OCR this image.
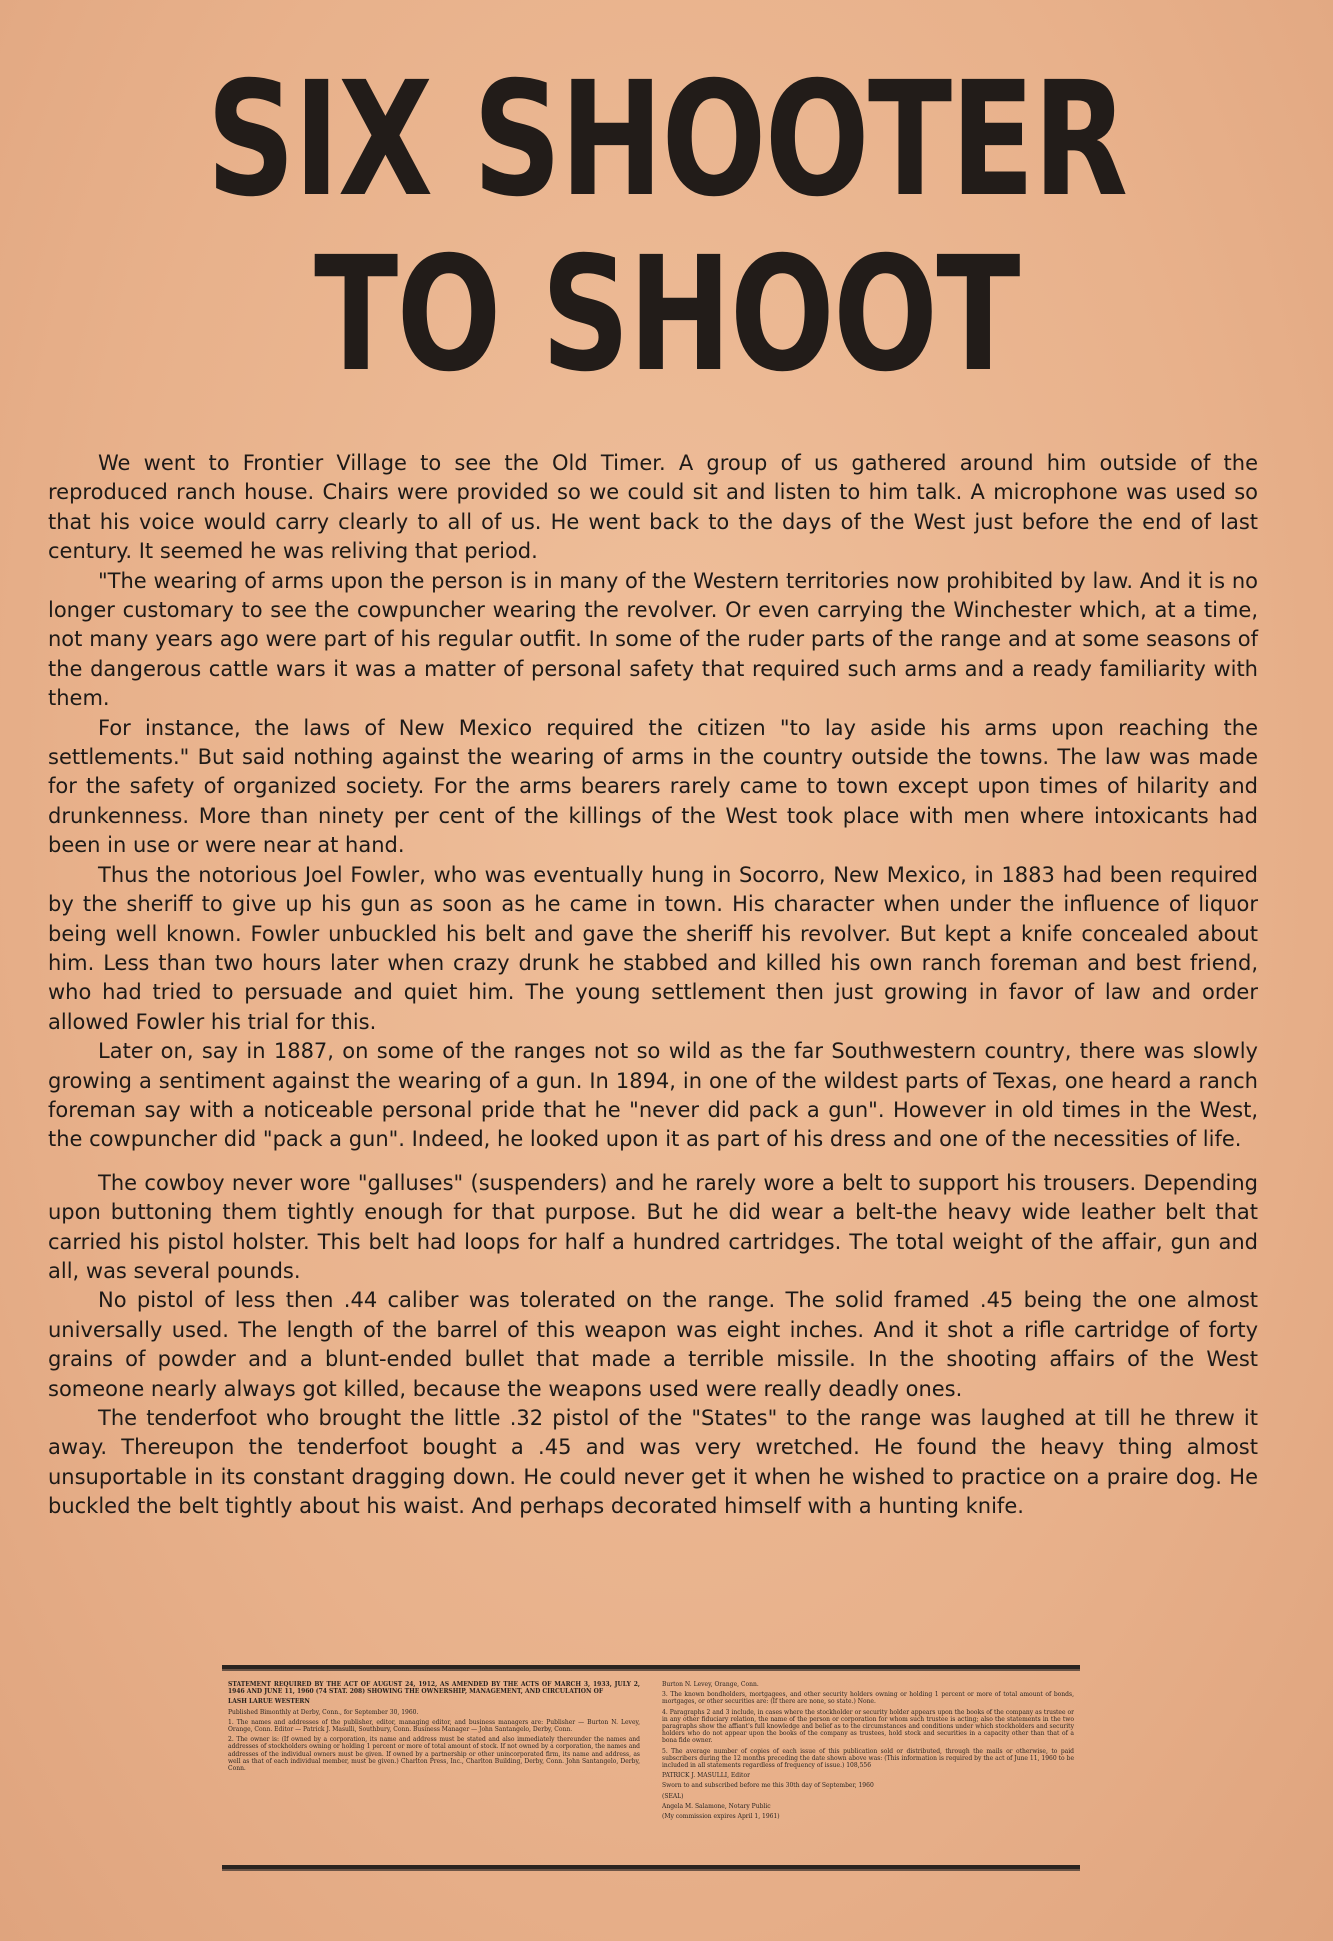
SIX SHOOTER
TO SHOOT

We went to Frontier Village to see the Old Timer. A group of us gathered around him outside of the reproduced ranch house. Chairs were provided so we could sit and listen to him talk. A microphone was used so that his voice would carry clearly to all of us. He went back to the days of the West just before the end of last century. It seemed he was reliving that period.

"The wearing of arms upon the person is in many of the Western territories now prohibited by law. And it is no longer customary to see the cowpuncher wearing the revolver. Or even carrying the Winchester which, at a time, not many years ago were part of his regular outfit. In some of the ruder parts of the range and at some seasons of the dangerous cattle wars it was a matter of personal safety that required such arms and a ready familiarity with them.

For instance, the laws of New Mexico required the citizen "to lay aside his arms upon reaching the settlements." But said nothing against the wearing of arms in the country outside the towns. The law was made for the safety of organized society. For the arms bearers rarely came to town except upon times of hilarity and drunkenness. More than ninety per cent of the killings of the West took place with men where intoxicants had been in use or were near at hand.

Thus the notorious Joel Fowler, who was eventually hung in Socorro, New Mexico, in 1883 had been required by the sheriff to give up his gun as soon as he came in town. His character when under the influence of liquor being well known. Fowler unbuckled his belt and gave the sheriff his revolver. But kept a knife concealed about him. Less than two hours later when crazy drunk he stabbed and killed his own ranch foreman and best friend, who had tried to persuade and quiet him. The young settlement then just growing in favor of law and order allowed Fowler his trial for this.

Later on, say in 1887, on some of the ranges not so wild as the far Southwestern country, there was slowly growing a sentiment against the wearing of a gun. In 1894, in one of the wildest parts of Texas, one heard a ranch foreman say with a noticeable personal pride that he "never did pack a gun". However in old times in the West, the cowpuncher did "pack a gun". Indeed, he looked upon it as part of his dress and one of the necessities of life.

The cowboy never wore "galluses" (suspenders) and he rarely wore a belt to support his trousers. Depending upon buttoning them tightly enough for that purpose. But he did wear a belt-the heavy wide leather belt that carried his pistol holster. This belt had loops for half a hundred cartridges. The total weight of the affair, gun and all, was several pounds.

No pistol of less then .44 caliber was tolerated on the range. The solid framed .45 being the one almost universally used. The length of the barrel of this weapon was eight inches. And it shot a rifle cartridge of forty grains of powder and a blunt-ended bullet that made a terrible missile. In the shooting affairs of the West someone nearly always got killed, because the weapons used were really deadly ones.

The tenderfoot who brought the little .32 pistol of the "States" to the range was laughed at till he threw it away. Thereupon the tenderfoot bought a .45 and was very wretched. He found the heavy thing almost unsuportable in its constant dragging down. He could never get it when he wished to practice on a praire dog. He buckled the belt tightly about his waist. And perhaps decorated himself with a hunting knife.

STATEMENT REQUIRED BY THE ACT OF AUGUST 24, 1912, AS AMENDED BY THE ACTS OF MARCH 3, 1933, JULY 2, 1946 AND JUNE 11, 1960 (74 STAT. 208) SHOWING THE OWNERSHIP, MANAGEMENT, AND CIRCULATION OF

LASH LARUE WESTERN

Published Bimonthly at Derby, Conn., for September 30, 1960.

1. The names and addresses of the publisher, editor, managing editor, and business managers are: Publisher — Burton N. Levey, Orange, Conn. Editor — Patrick J. Masulli, Southbury, Conn. Business Manager — John Santangelo, Derby, Conn.

2. The owner is: (If owned by a corporation, its name and address must be stated and also immediately thereunder the names and addresses of stockholders owning or holding 1 percent or more of total amount of stock. If not owned by a corporation, the names and addresses of the individual owners must be given. If owned by a partnership or other unincorporated firm, its name and address, as well as that of each individual member, must be given.) Charlton Press, Inc., Charlton Building, Derby, Conn. John Santangelo, Derby, Conn.

Burton N. Levey, Orange, Conn.

3. The known bondholders, mortgagees, and other security holders owning or holding 1 percent or more of total amount of bonds, mortgages, or other securities are: (If there are none, so state.) None.

4. Paragraphs 2 and 3 include, in cases where the stockholder or security holder appears upon the books of the company as trustee or in any other fiduciary relation, the name of the person or corporation for whom such trustee is acting; also the statements in the two paragraphs show the affiant's full knowledge and belief as to the circumstances and conditions under which stockholders and security holders who do not appear upon the books of the company as trustees, hold stock and securities in a capacity other than that of a bona fide owner.

5. The average number of copies of each issue of this publication sold or distributed, through the mails or otherwise, to paid subscribers during the 12 months preceding the date shown above was: (This information is required by the act of June 11, 1960 to be included in all statements regardless of frequency of issue.) 108,556

PATRICK J. MASULLI, Editor

Sworn to and subscribed before me this 30th day of September, 1960

(SEAL)

Angela M. Salamone, Notary Public

(My commission expires April 1, 1961)
